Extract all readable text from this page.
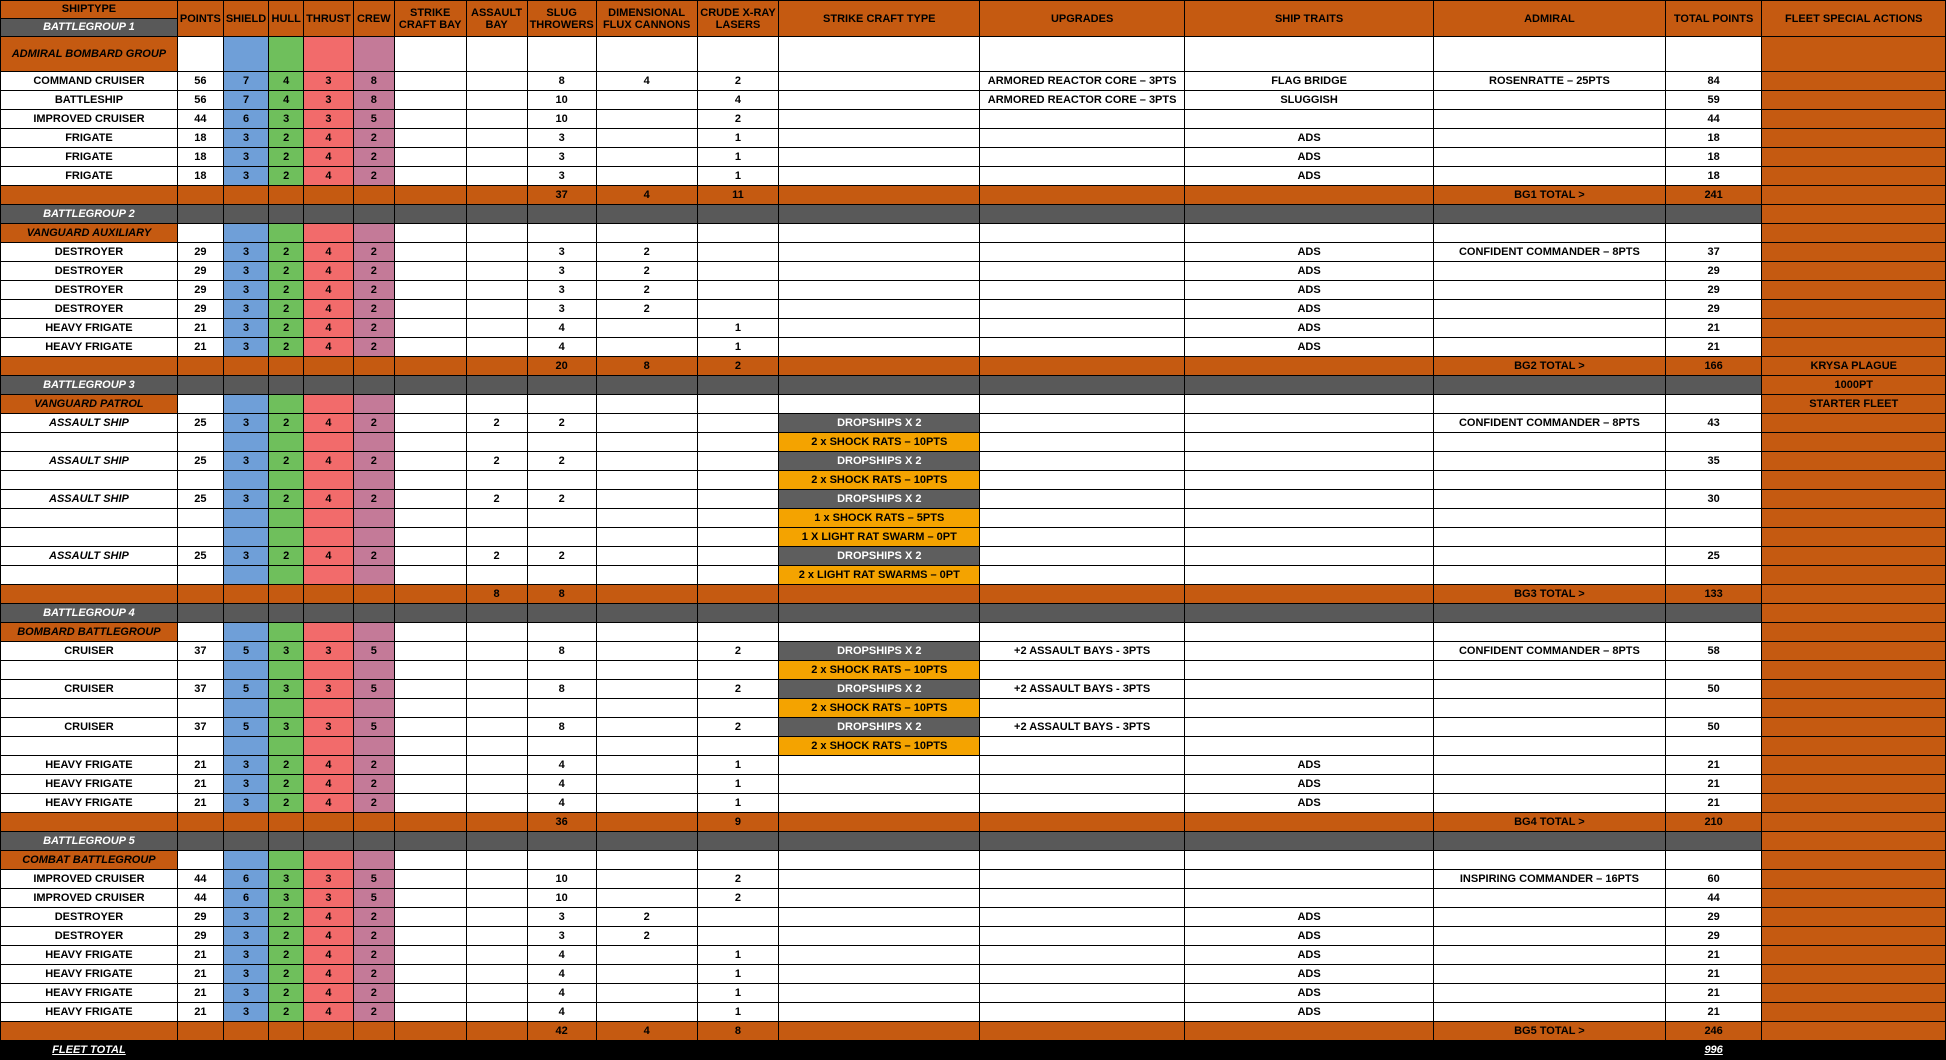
SHIPTYPE
BATTLEGROUP 1	POINTS	SHIELD	HULL	THRUST	CREW	STRIKE CRAFT BAY	ASSAULT BAY	SLUG THROWERS	DIMENSIONAL FLUX CANNONS	CRUDE X-RAY LASERS	STRIKE CRAFT TYPE	UPGRADES	SHIP TRAITS	ADMIRAL	TOTAL POINTS	FLEET SPECIAL ACTIONS
ADMIRAL BOMBARD GROUP																
COMMAND CRUISER	56	7	4	3	8			8	4	2		ARMORED REACTOR CORE – 3PTS	FLAG BRIDGE	ROSENRATTE – 25PTS	84	
BATTLESHIP	56	7	4	3	8			10		4		ARMORED REACTOR CORE – 3PTS	SLUGGISH		59	
IMPROVED CRUISER	44	6	3	3	5			10		2					44	
FRIGATE	18	3	2	4	2			3		1			ADS		18	
FRIGATE	18	3	2	4	2			3		1			ADS		18	
FRIGATE	18	3	2	4	2			3		1			ADS		18	
								37	4	11				BG1 TOTAL >	241	
BATTLEGROUP 2																
VANGUARD AUXILIARY																
DESTROYER	29	3	2	4	2			3	2				ADS	CONFIDENT COMMANDER – 8PTS	37	
DESTROYER	29	3	2	4	2			3	2				ADS		29	
DESTROYER	29	3	2	4	2			3	2				ADS		29	
DESTROYER	29	3	2	4	2			3	2				ADS		29	
HEAVY FRIGATE	21	3	2	4	2			4		1			ADS		21	
HEAVY FRIGATE	21	3	2	4	2			4		1			ADS		21	
								20	8	2				BG2 TOTAL >	166	KRYSA PLAGUE
BATTLEGROUP 3																1000PT
VANGUARD PATROL																STARTER FLEET
ASSAULT SHIP	25	3	2	4	2		2	2			DROPSHIPS X 2			CONFIDENT COMMANDER – 8PTS	43	
											2 x SHOCK RATS – 10PTS					
ASSAULT SHIP	25	3	2	4	2		2	2			DROPSHIPS X 2				35	
											2 x SHOCK RATS – 10PTS					
ASSAULT SHIP	25	3	2	4	2		2	2			DROPSHIPS X 2				30	
											1 x SHOCK RATS – 5PTS					
											1 X LIGHT RAT SWARM – 0PT					
ASSAULT SHIP	25	3	2	4	2		2	2			DROPSHIPS X 2				25	
											2 x LIGHT RAT SWARMS – 0PT					
							8	8						BG3 TOTAL >	133	
BATTLEGROUP 4																
BOMBARD BATTLEGROUP																
CRUISER	37	5	3	3	5			8		2	DROPSHIPS X 2	+2 ASSAULT BAYS - 3PTS		CONFIDENT COMMANDER – 8PTS	58	
											2 x SHOCK RATS – 10PTS					
CRUISER	37	5	3	3	5			8		2	DROPSHIPS X 2	+2 ASSAULT BAYS - 3PTS			50	
											2 x SHOCK RATS – 10PTS					
CRUISER	37	5	3	3	5			8		2	DROPSHIPS X 2	+2 ASSAULT BAYS - 3PTS			50	
											2 x SHOCK RATS – 10PTS					
HEAVY FRIGATE	21	3	2	4	2			4		1			ADS		21	
HEAVY FRIGATE	21	3	2	4	2			4		1			ADS		21	
HEAVY FRIGATE	21	3	2	4	2			4		1			ADS		21	
								36		9				BG4 TOTAL >	210	
BATTLEGROUP 5																
COMBAT BATTLEGROUP																
IMPROVED CRUISER	44	6	3	3	5			10		2				INSPIRING COMMANDER – 16PTS	60	
IMPROVED CRUISER	44	6	3	3	5			10		2					44	
DESTROYER	29	3	2	4	2			3	2				ADS		29	
DESTROYER	29	3	2	4	2			3	2				ADS		29	
HEAVY FRIGATE	21	3	2	4	2			4		1			ADS		21	
HEAVY FRIGATE	21	3	2	4	2			4		1			ADS		21	
HEAVY FRIGATE	21	3	2	4	2			4		1			ADS		21	
HEAVY FRIGATE	21	3	2	4	2			4		1			ADS		21	
								42	4	8				BG5 TOTAL >	246	
FLEET TOTAL															996	OUT OF 1000PT
